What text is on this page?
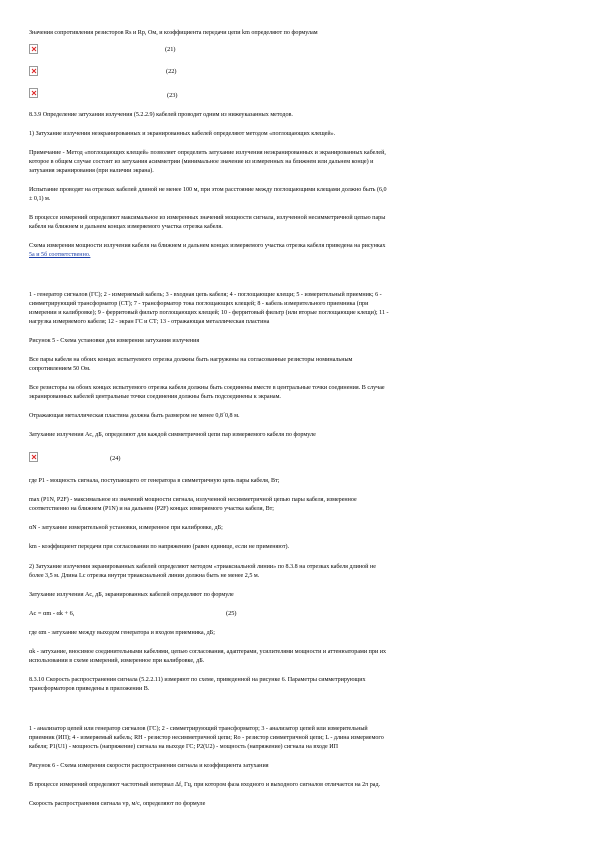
Значения сопротивления резисторов Rs и Rp, Ом, и коэффициента передачи цепи km определяют по формулам
(21)
(22)
(23)
8.3.9 Определение затухания излучения (5.2.2.9) кабелей проводят одним из нижеуказанных методов.
1) Затухание излучения неэкранированных и экранированных кабелей определяют методом «поглощающих клещей».
Примечание - Метод «поглощающих клещей» позволяет определить затухание излучения неэкранированных и экранированных кабелей,
которое в общем случае состоит из затухания асимметрии (минимальное значение из измеренных на ближнем или дальнем конце) и
затухания экранирования (при наличии экрана).
Испытание проводят на отрезках кабелей длиной не менее 100 м, при этом расстояние между поглощающими клещами должно быть (6,0
± 0,1) м.
В процессе измерений определяют максимальное из измеренных значений мощности сигнала, излученной несимметричной цепью пары
кабеля на ближнем и дальнем концах измеряемого участка отрезка кабеля.
Схема измерения мощности излучения кабеля на ближнем и дальнем концах измеряемого участка отрезка кабеля приведена на рисунках
5a и 5б соответственно.
1 - генератор сигналов (ГС); 2 - измеряемый кабель; 3 - входная цепь кабеля; 4 - поглощающие клещи; 5 - измерительный приемник; 6 -
симметрирующий трансформатор (СТ); 7 - трансформатор тока поглощающих клещей; 8 - кабель измерительного приемника (при
измерении и калибровке); 9 - ферритовый фильтр поглощающих клещей; 10 - ферритовый фильтр (или вторые поглощающие клещи); 11 -
нагрузка измеряемого кабеля; 12 - экран ГС и СТ; 13 - отражающая металлическая пластина
Рисунок 5 - Схема установки для измерения затухания излучения
Все пары кабеля на обоих концах испытуемого отрезка должны быть нагружены на согласованные резисторы номинальным
сопротивлением 50 Ом.
Все резисторы на обоих концах испытуемого отрезка кабеля должны быть соединены вместе в центральные точки соединения. В случае
экранированных кабелей центральные точки соединения должны быть подсоединены к экранам.
Отражающая металлическая пластина должна быть размером не менее 0,8´0,8 м.
Затухание излучения Ac, дБ, определяют для каждой симметричной цепи пар измеряемого кабеля по формуле
(24)
где P1 - мощность сигнала, поступающего от генератора в симметричную цепь пары кабеля, Вт;
max (P1N, P2F) - максимальное из значений мощности сигнала, излученной несимметричной цепью пары кабеля, измеренное
соответственно на ближнем (P1N) и на дальнем (P2F) концах измеряемого участка кабеля, Вт;
αN - затухание измерительной установки, измеренное при калибровке, дБ;
km - коэффициент передачи при согласовании по напряжению (равен единице, если не применяют).
2) Затухание излучения экранированных кабелей определяют методом «триаксиальной линии» по 8.3.8 на отрезках кабеля длиной не
более 3,5 м. Длина Lc отрезка внутри триаксиальной линии должна быть не менее 2,5 м.
Затухание излучения Ac, дБ, экранированных кабелей определяют по формуле
Ac = αm - αk + 6,	(25)
где αm - затухание между выходом генератора и входом приемника, дБ;
αk - затухание, вносимое соединительными кабелями, цепью согласования, адаптерами, усилителями мощности и аттенюаторами при их
использовании в схеме измерений, измеренное при калибровке, дБ.
8.3.10 Скорость распространения сигнала (5.2.2.11) измеряют по схеме, приведенной на рисунке 6. Параметры симметрирующих
трансформаторов приведены в приложении В.
1 - анализатор цепей или генератор сигналов (ГС); 2 - симметрирующий трансформатор; 3 - анализатор цепей или измерительный
приемник (ИП); 4 - измеряемый кабель; RH - резистор несимметричной цепи; Ro - резистор симметричной цепи; L - длина измеряемого
кабеля; P1(U1) - мощность (напряжение) сигнала на выходе ГС; P2(U2) - мощность (напряжение) сигнала на входе ИП
Рисунок 6 - Схема измерения скорости распространения сигнала и коэффициента затухания
В процессе измерений определяют частотный интервал Δf, Гц, при котором фаза входного и выходного сигналов отличается на 2π рад.
Скорость распространения сигнала vр, м/с, определяют по формуле
